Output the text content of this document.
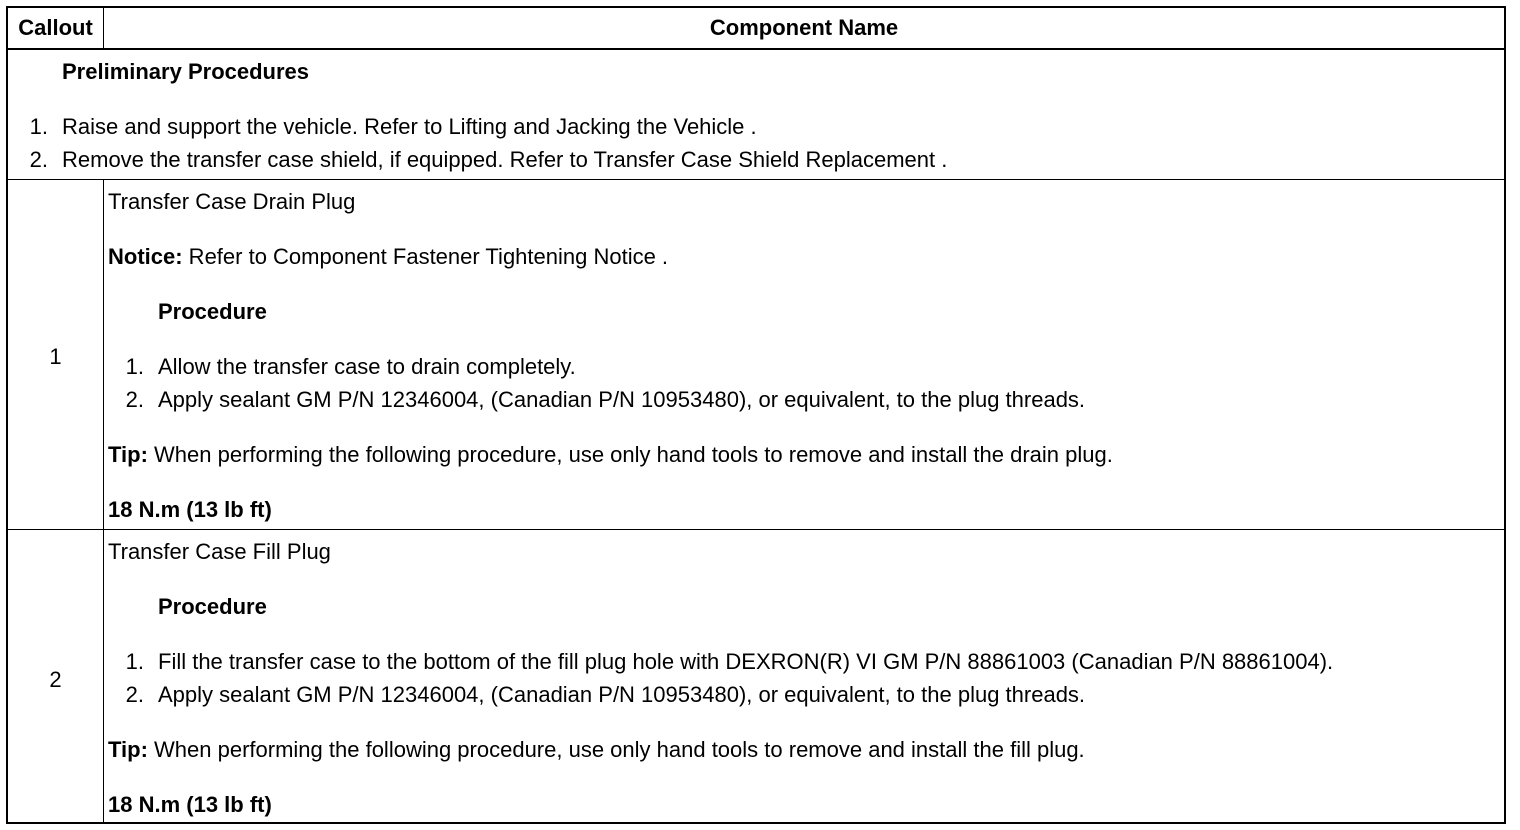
Callout	Component Name
Preliminary Procedures
1. Raise and support the vehicle. Refer to Lifting and Jacking the Vehicle .
2. Remove the transfer case shield, if equipped. Refer to Transfer Case Shield Replacement .
1
Transfer Case Drain Plug
Notice: Refer to Component Fastener Tightening Notice .
Procedure
1. Allow the transfer case to drain completely.
2. Apply sealant GM P/N 12346004, (Canadian P/N 10953480), or equivalent, to the plug threads.
Tip: When performing the following procedure, use only hand tools to remove and install the drain plug.
18 N.m (13 lb ft)
2
Transfer Case Fill Plug
Procedure
1. Fill the transfer case to the bottom of the fill plug hole with DEXRON(R) VI GM P/N 88861003 (Canadian P/N 88861004).
2. Apply sealant GM P/N 12346004, (Canadian P/N 10953480), or equivalent, to the plug threads.
Tip: When performing the following procedure, use only hand tools to remove and install the fill plug.
18 N.m (13 lb ft)
